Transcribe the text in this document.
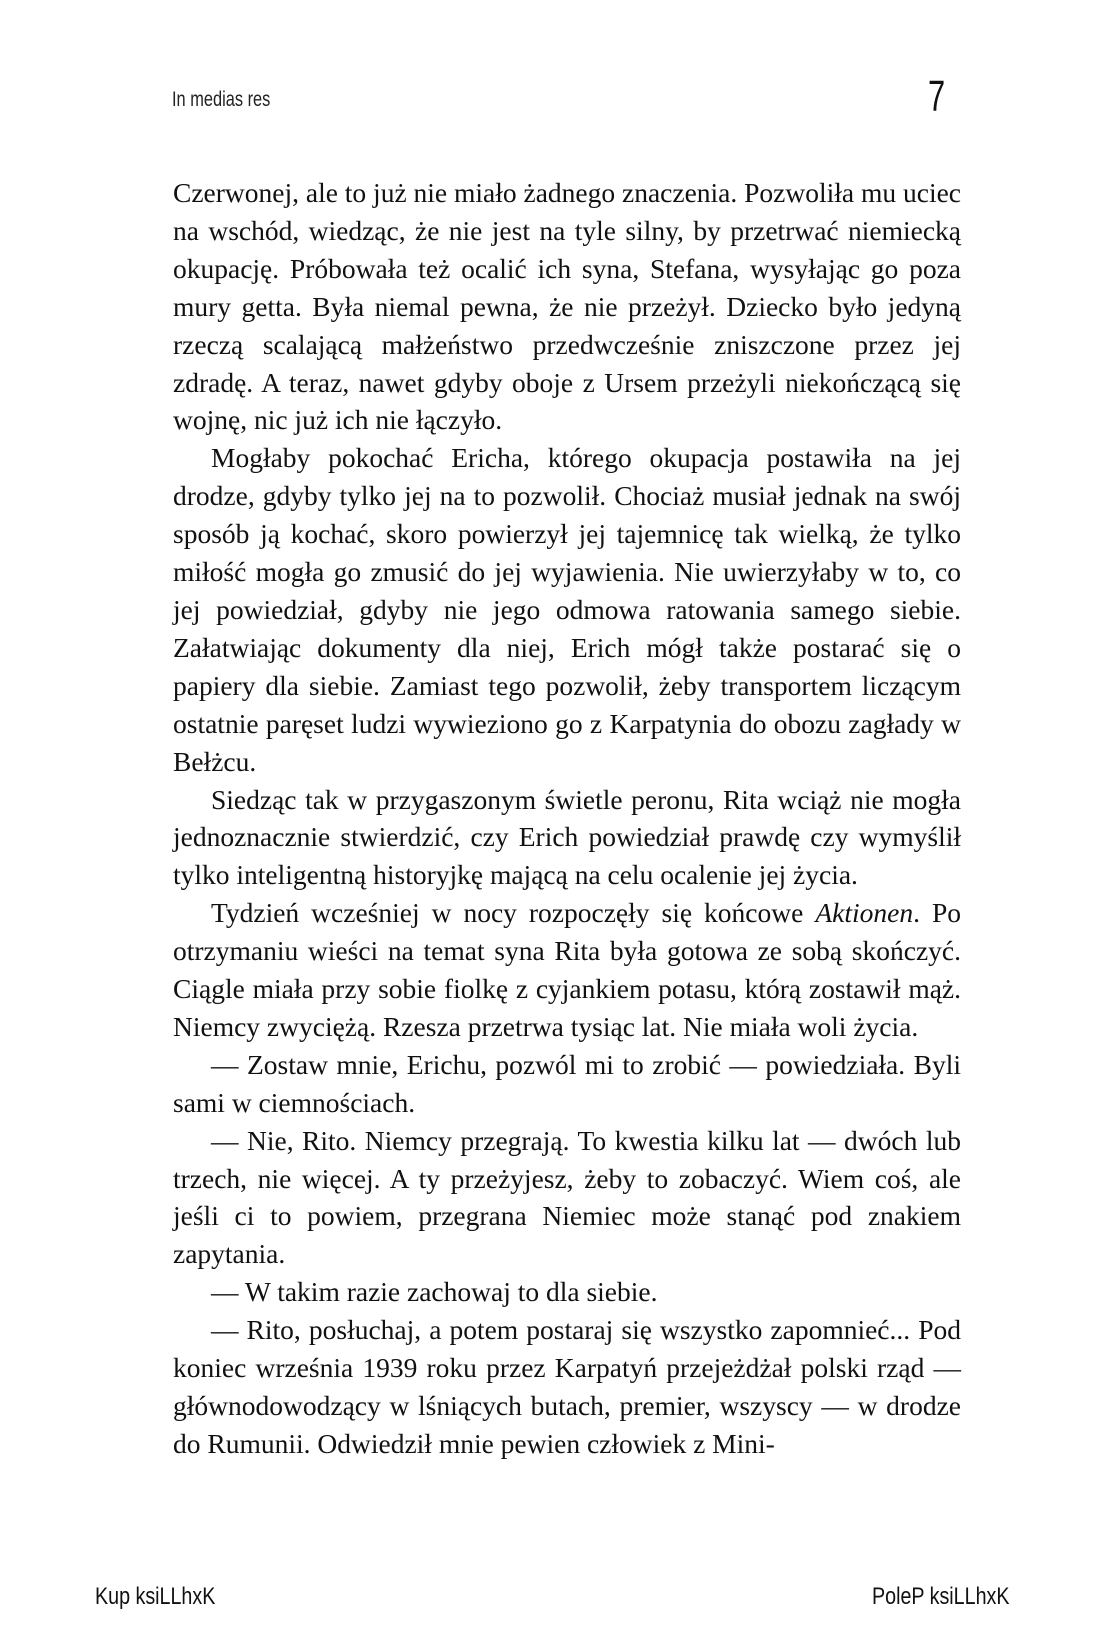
In medias res	7

Czerwonej, ale to już nie miało żadnego znaczenia. Pozwoliła mu uciec na wschód, wiedząc, że nie jest na tyle silny, by przetrwać niemiecką okupację. Próbowała też ocalić ich syna, Stefana, wysyłając go poza mury getta. Była niemal pewna, że nie przeżył. Dziecko było jedyną rzeczą scalającą małżeństwo przedwcześnie zniszczone przez jej zdradę. A teraz, nawet gdyby oboje z Ursem przeżyli niekończącą się wojnę, nic już ich nie łączyło.

Mogłaby pokochać Ericha, którego okupacja postawiła na jej drodze, gdyby tylko jej na to pozwolił. Chociaż musiał jednak na swój sposób ją kochać, skoro powierzył jej tajemnicę tak wielką, że tylko miłość mogła go zmusić do jej wyjawienia. Nie uwierzyłaby w to, co jej powiedział, gdyby nie jego odmowa ratowania samego siebie. Załatwiając dokumenty dla niej, Erich mógł także postarać się o papiery dla siebie. Zamiast tego pozwolił, żeby transportem liczącym ostatnie paręset ludzi wywieziono go z Karpatynia do obozu zagłady w Bełżcu.

Siedząc tak w przygaszonym świetle peronu, Rita wciąż nie mogła jednoznacznie stwierdzić, czy Erich powiedział prawdę czy wymyślił tylko inteligentną historyjkę mającą na celu ocalenie jej życia.

Tydzień wcześniej w nocy rozpoczęły się końcowe Aktionen. Po otrzymaniu wieści na temat syna Rita była gotowa ze sobą skończyć. Ciągle miała przy sobie fiolkę z cyjankiem potasu, którą zostawił mąż. Niemcy zwyciężą. Rzesza przetrwa tysiąc lat. Nie miała woli życia.

— Zostaw mnie, Erichu, pozwól mi to zrobić — powiedziała. Byli sami w ciemnościach.

— Nie, Rito. Niemcy przegrają. To kwestia kilku lat — dwóch lub trzech, nie więcej. A ty przeżyjesz, żeby to zobaczyć. Wiem coś, ale jeśli ci to powiem, przegrana Niemiec może stanąć pod znakiem zapytania.

— W takim razie zachowaj to dla siebie.

— Rito, posłuchaj, a potem postaraj się wszystko zapomnieć... Pod koniec września 1939 roku przez Karpatyń przejeżdżał polski rząd — głównodowodzący w lśniących butach, premier, wszyscy — w drodze do Rumunii. Odwiedził mnie pewien człowiek z Mini-

Kup ksiLLhxK	PoleP ksiLLhxK
